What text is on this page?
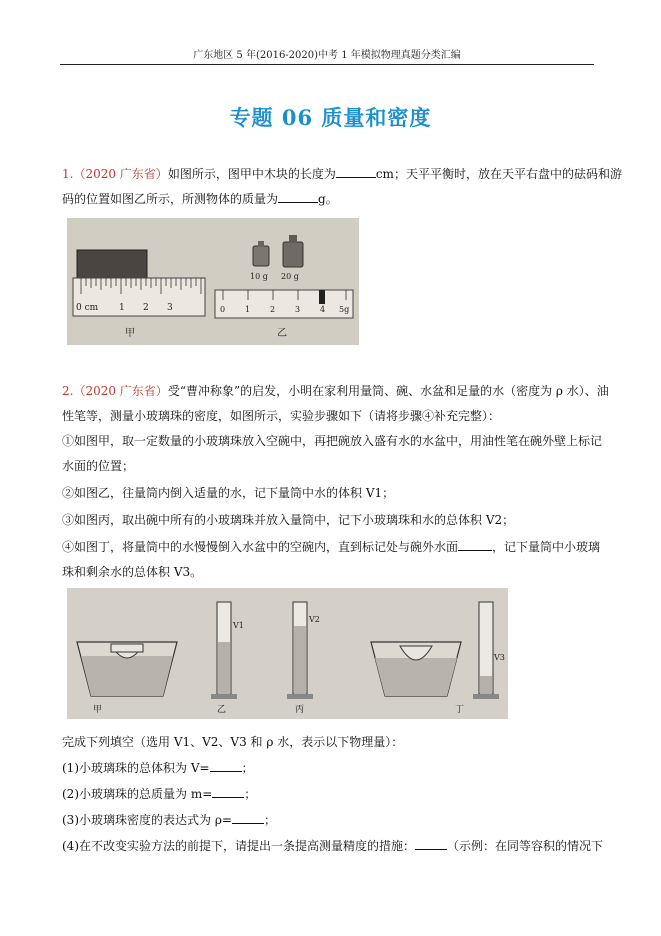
广东地区 5 年(2016-2020)中考 1 年模拟物理真题分类汇编
专题 06 质量和密度
1.（2020 广东省）如图所示，图甲中木块的长度为	cm；天平平衡时，放在天平右盘中的砝码和游
码的位置如图乙所示，所测物体的质量为	g。
0 cm 1 2 3
甲
10 g 20 g
0 1 2 3 4 5g
乙
2.（2020 广东省）受“曹冲称象”的启发，小明在家利用量筒、碗、水盆和足量的水（密度为 ρ 水）、油
性笔等，测量小玻璃珠的密度，如图所示，实验步骤如下（请将步骤④补充完整）：
①如图甲，取一定数量的小玻璃珠放入空碗中，再把碗放入盛有水的水盆中，用油性笔在碗外壁上标记
水面的位置；
②如图乙，往量筒内倒入适量的水，记下量筒中水的体积 V1；
③如图丙，取出碗中所有的小玻璃珠并放入量筒中，记下小玻璃珠和水的总体积 V2；
④如图丁，将量筒中的水慢慢倒入水盆中的空碗内，直到标记处与碗外水面	，记下量筒中小玻璃
珠和剩余水的总体积 V3。
甲
V1
乙
V2
丙	丁
V3
完成下列填空（选用 V1、V2、V3 和 ρ 水，表示以下物理量）：
(1)小玻璃珠的总体积为 V=	；
(2)小玻璃珠的总质量为 m=	；
(3)小玻璃珠密度的表达式为 ρ=	；
(4)在不改变实验方法的前提下，请提出一条提高测量精度的措施：	（示例：在同等容积的情况下
